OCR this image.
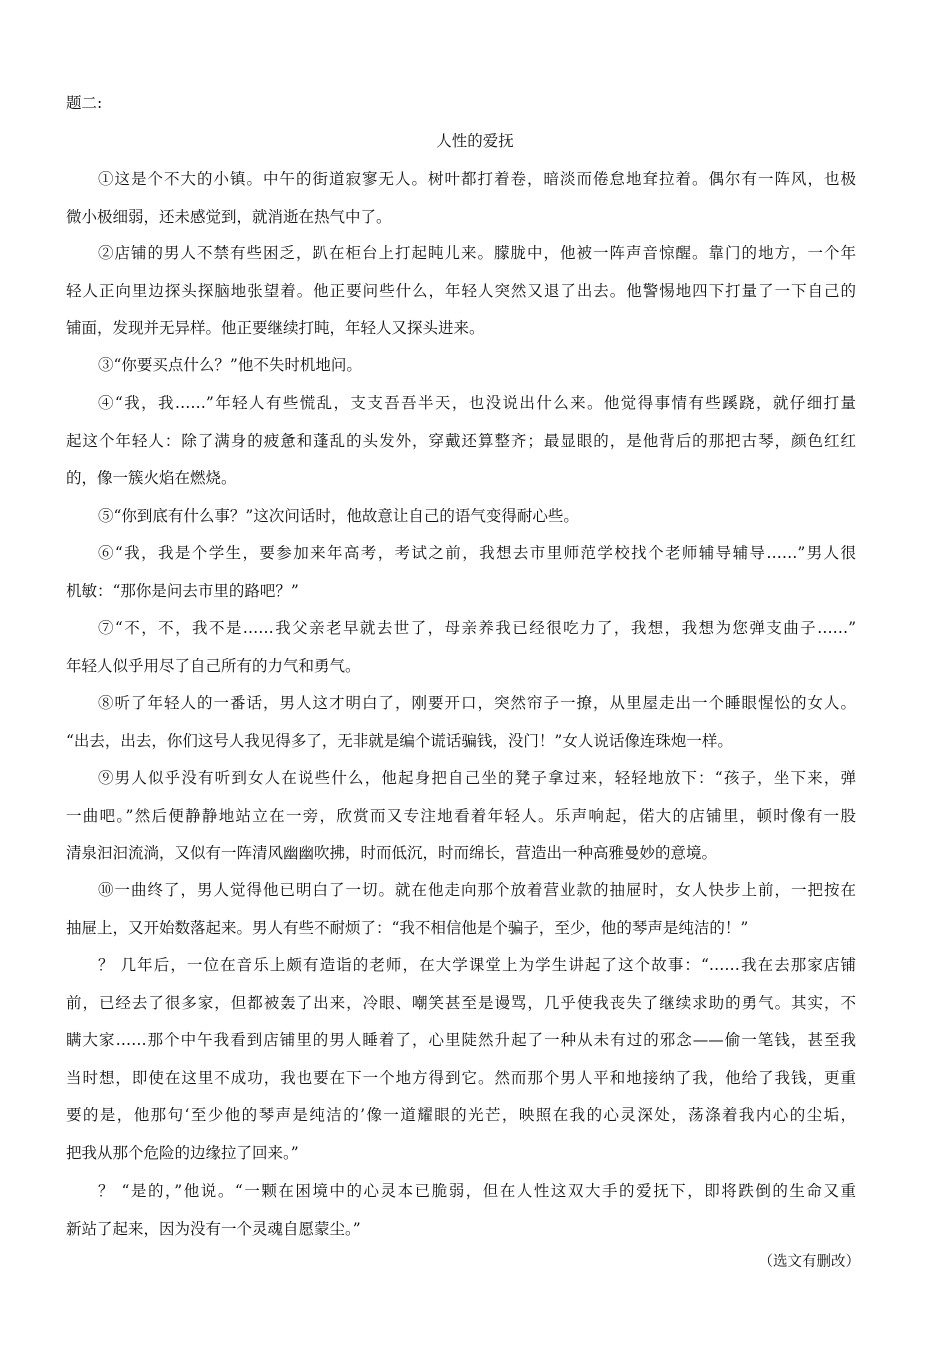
题二:
人性的爱抚
①这是个不大的小镇。中午的街道寂寥无人。树叶都打着卷，暗淡而倦怠地耷拉着。偶尔有一阵风，也极
微小极细弱，还未感觉到，就消逝在热气中了。
②店铺的男人不禁有些困乏，趴在柜台上打起盹儿来。朦胧中，他被一阵声音惊醒。靠门的地方，一个年
轻人正向里边探头探脑地张望着。他正要问些什么，年轻人突然又退了出去。他警惕地四下打量了一下自己的
铺面，发现并无异样。他正要继续打盹，年轻人又探头进来。
③“你要买点什么？”他不失时机地问。
④“我，我……”年轻人有些慌乱，支支吾吾半天，也没说出什么来。他觉得事情有些蹊跷，就仔细打量
起这个年轻人：除了满身的疲惫和蓬乱的头发外，穿戴还算整齐；最显眼的，是他背后的那把古琴，颜色红红
的，像一簇火焰在燃烧。
⑤“你到底有什么事？”这次问话时，他故意让自己的语气变得耐心些。
⑥“我，我是个学生，要参加来年高考，考试之前，我想去市里师范学校找个老师辅导辅导……”男人很
机敏：“那你是问去市里的路吧？”
⑦“不，不，我不是……我父亲老早就去世了，母亲养我已经很吃力了，我想，我想为您弹支曲子……”
年轻人似乎用尽了自己所有的力气和勇气。
⑧听了年轻人的一番话，男人这才明白了，刚要开口，突然帘子一撩，从里屋走出一个睡眼惺忪的女人。
“出去，出去，你们这号人我见得多了，无非就是编个谎话骗钱，没门！”女人说话像连珠炮一样。
⑨男人似乎没有听到女人在说些什么，他起身把自己坐的凳子拿过来，轻轻地放下：“孩子，坐下来，弹
一曲吧。”然后便静静地站立在一旁，欣赏而又专注地看着年轻人。乐声响起，偌大的店铺里，顿时像有一股
清泉汩汩流淌，又似有一阵清风幽幽吹拂，时而低沉，时而绵长，营造出一种高雅曼妙的意境。
⑩一曲终了，男人觉得他已明白了一切。就在他走向那个放着营业款的抽屉时，女人快步上前，一把按在
抽屉上，又开始数落起来。男人有些不耐烦了：“我不相信他是个骗子，至少，他的琴声是纯洁的！”
？ 几年后，一位在音乐上颇有造诣的老师，在大学课堂上为学生讲起了这个故事：“……我在去那家店铺
前，已经去了很多家，但都被轰了出来，冷眼、嘲笑甚至是谩骂，几乎使我丧失了继续求助的勇气。其实，不
瞒大家……那个中午我看到店铺里的男人睡着了，心里陡然升起了一种从未有过的邪念——偷一笔钱，甚至我
当时想，即使在这里不成功，我也要在下一个地方得到它。然而那个男人平和地接纳了我，他给了我钱，更重
要的是，他那句‘至少他的琴声是纯洁的’像一道耀眼的光芒，映照在我的心灵深处，荡涤着我内心的尘垢，
把我从那个危险的边缘拉了回来。”
？ “是的，”他说。“一颗在困境中的心灵本已脆弱，但在人性这双大手的爱抚下，即将跌倒的生命又重
新站了起来，因为没有一个灵魂自愿蒙尘。”
（选文有删改）
